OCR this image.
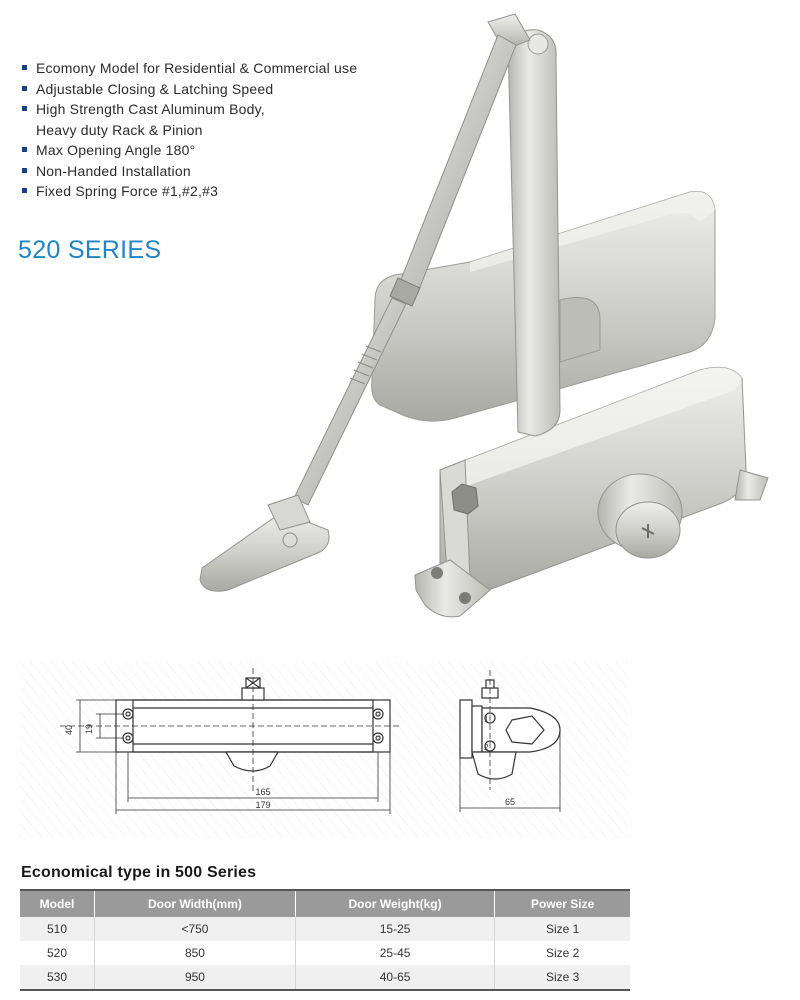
Ecomony Model for Residential & Commercial use
Adjustable Closing & Latching Speed
High Strength Cast Aluminum Body,
Heavy duty Rack & Pinion
Max Opening Angle 180°
Non-Handed Installation
Fixed Spring Force #1,#2,#3
520 SERIES
40 19
165
179
1
2
65
Economical type in 500 Series
Model	Door Width(mm)	Door Weight(kg)	Power Size
510	<750	15-25	Size 1
520	850	25-45	Size 2
530	950	40-65	Size 3
